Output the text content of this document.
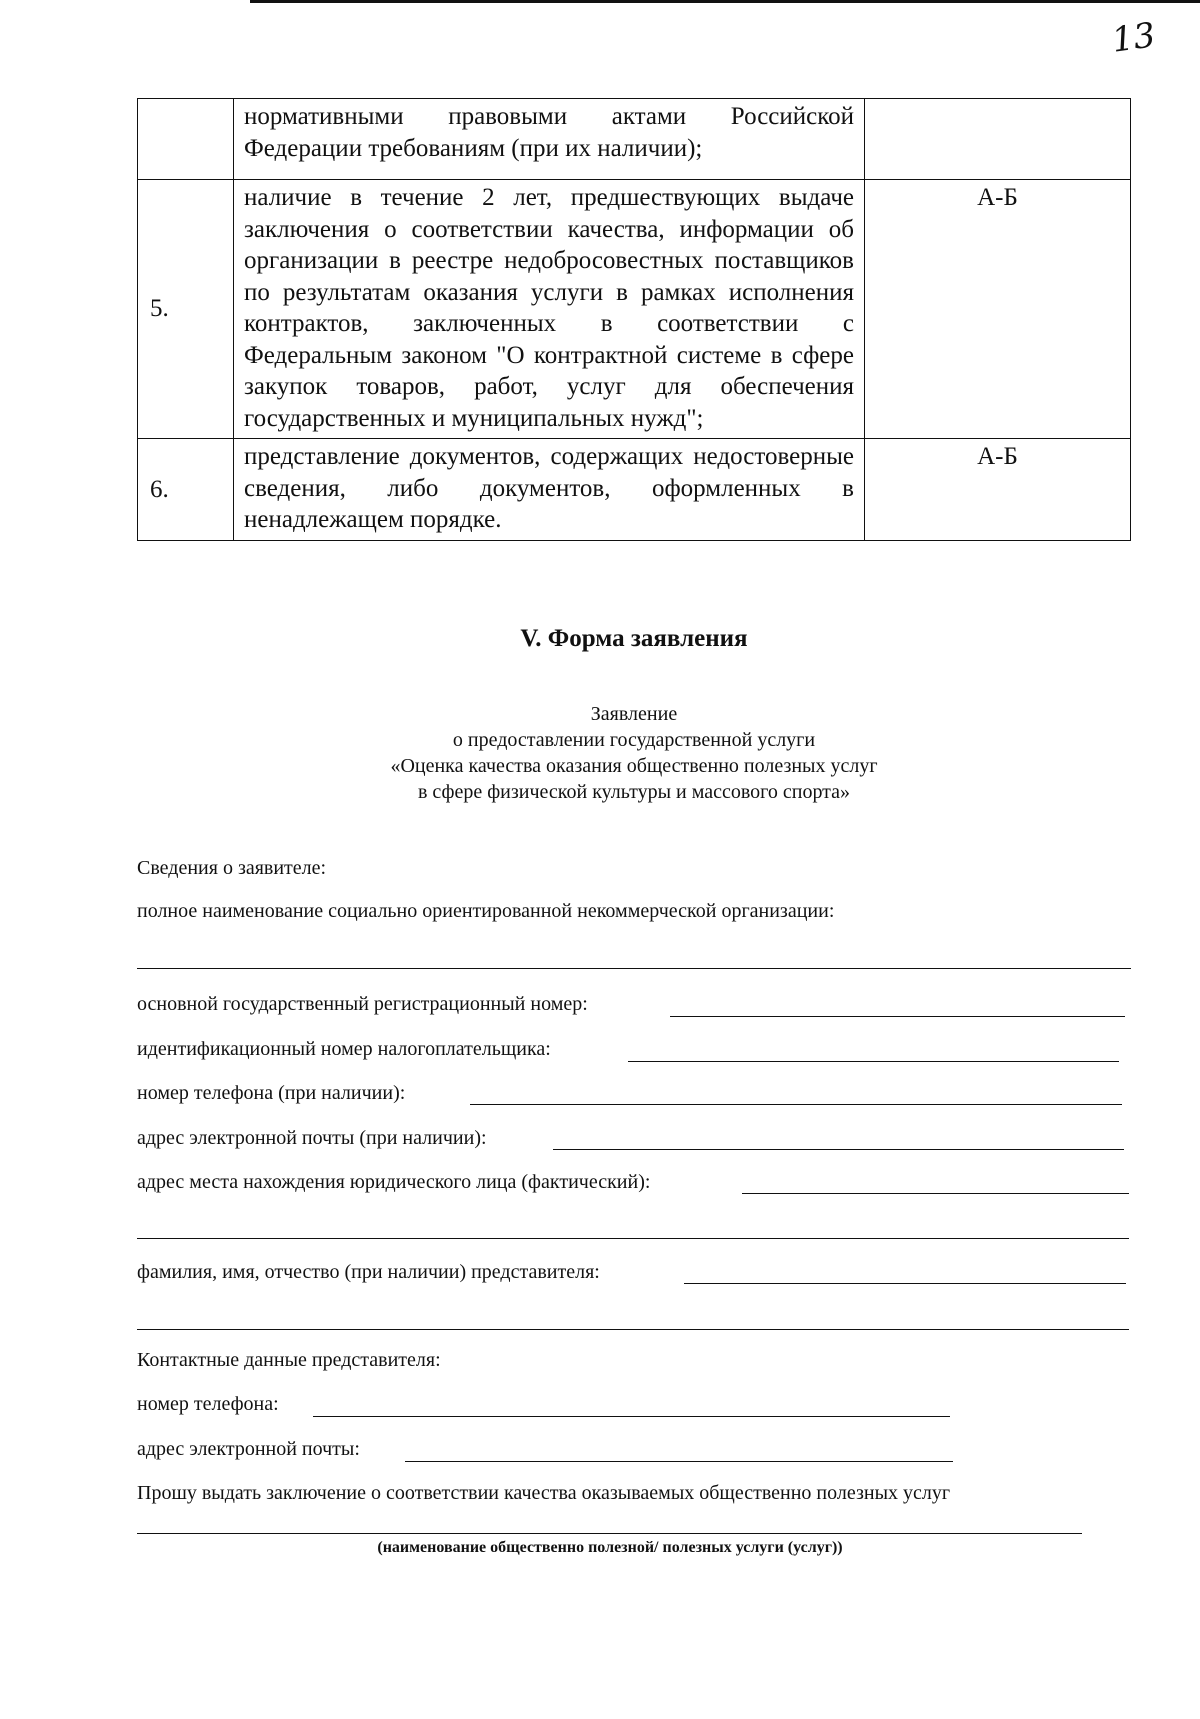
13
	нормативными правовыми актами Российской Федерации требованиям (при их наличии);	
5.	наличие в течение 2 лет, предшествующих выдаче заключения о соответствии качества, информации об организации в реестре недобросовестных поставщиков по результатам оказания услуги в рамках исполнения контрактов, заключенных в соответствии с Федеральным законом "О контрактной системе в сфере закупок товаров, работ, услуг для обеспечения государственных и муниципальных нужд";	А-Б
6.	представление документов, содержащих недостоверные сведения, либо документов, оформленных в ненадлежащем порядке.	А-Б
V. Форма заявления
Заявление
о предоставлении государственной услуги
«Оценка качества оказания общественно полезных услуг
в сфере физической культуры и массового спорта»
Сведения о заявителе:
полное наименование социально ориентированной некоммерческой организации:
основной государственный регистрационный номер:
идентификационный номер налогоплательщика:
номер телефона (при наличии):
адрес электронной почты (при наличии):
адрес места нахождения юридического лица (фактический):
фамилия, имя, отчество (при наличии) представителя:
Контактные данные представителя:
номер телефона:
адрес электронной почты:
Прошу выдать заключение о соответствии качества оказываемых общественно полезных услуг
(наименование общественно полезной/ полезных услуги (услуг))
